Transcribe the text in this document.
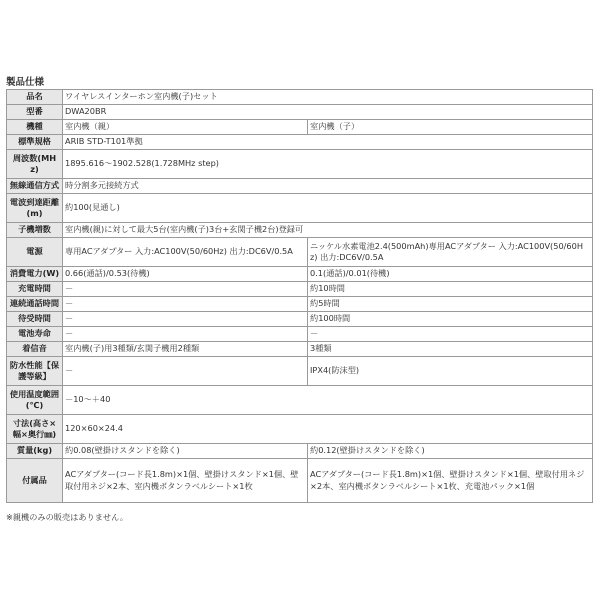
製品仕様
品名	ワイヤレスインターホン室内機(子)セット	
型番	DWA20BR	
機種	室内機（親）	室内機（子）
標準規格	ARIB STD-T101準拠	
周波数(MHz)	1895.616～1902.528(1.728MHz step)	
無線通信方式	時分割多元接続方式	
電波到達距離(m)	約100(見通し)	
子機増数	室内機(親)に対して最大5台(室内機(子)3台+玄関子機2台)登録可	
電源	専用ACアダプター 入力:AC100V(50/60Hz) 出力:DC6V/0.5A	ニッケル水素電池2.4(500mAh)専用ACアダプター 入力:AC100V(50/60Hz) 出力:DC6V/0.5A
消費電力(W)	0.66(通話)/0.53(待機)	0.1(通話)/0.01(待機)
充電時間	－	約10時間
連続通話時間	－	約5時間
待受時間	－	約100時間
電池寿命	－	－
着信音	室内機(子)用3種類/玄関子機用2種類	3種類
防水性能【保護等級】	－	IPX4(防沫型)
使用温度範囲(℃)	－10～＋40	
寸法(高さ×幅×奥行㎜)	120×60×24.4	
質量(kg)	約0.08(壁掛けスタンドを除く)	約0.12(壁掛けスタンドを除く)
付属品	ACアダプター(コード長1.8m)×1個、壁掛けスタンド×1個、壁取付用ネジ×2本、室内機ボタンラベルシート×1枚	ACアダプター(コード長1.8m)×1個、壁掛けスタンド×1個、壁取付用ネジ×2本、室内機ボタンラベルシート×1枚、充電池パック×1個
※親機のみの販売はありません。
